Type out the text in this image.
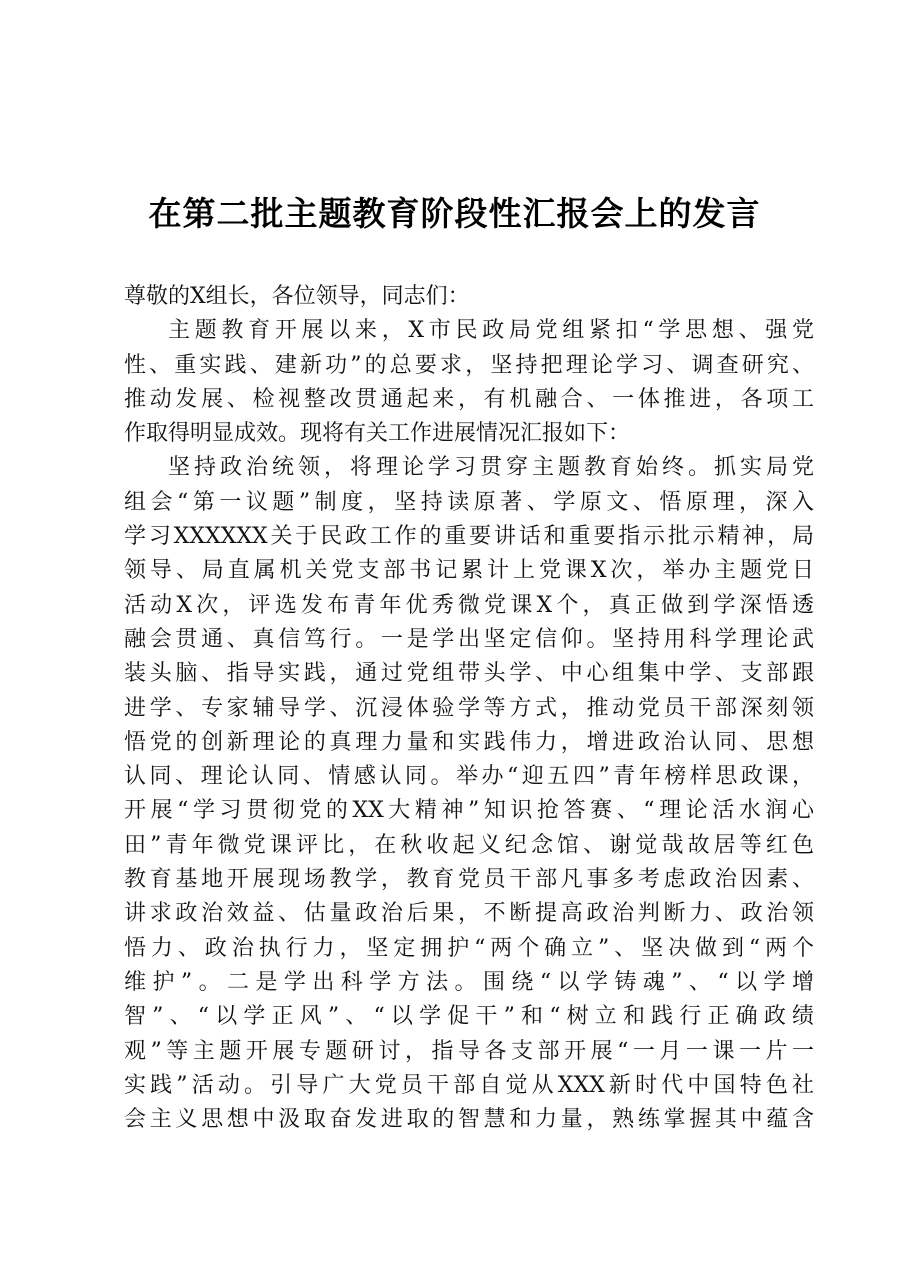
在第二批主题教育阶段性汇报会上的发言
尊敬的X组长，各位领导，同志们：
主题教育开展以来，X市民政局党组紧扣“学思想、强党
性、重实践、建新功”的总要求，坚持把理论学习、调查研究、
推动发展、检视整改贯通起来，有机融合、一体推进，各项工
作取得明显成效。现将有关工作进展情况汇报如下：
坚持政治统领，将理论学习贯穿主题教育始终。抓实局党
组会“第一议题”制度，坚持读原著、学原文、悟原理，深入
学习XXXXXX关于民政工作的重要讲话和重要指示批示精神，局
领导、局直属机关党支部书记累计上党课X次，举办主题党日
活动X次，评选发布青年优秀微党课X个，真正做到学深悟透
融会贯通、真信笃行。一是学出坚定信仰。坚持用科学理论武
装头脑、指导实践，通过党组带头学、中心组集中学、支部跟
进学、专家辅导学、沉浸体验学等方式，推动党员干部深刻领
悟党的创新理论的真理力量和实践伟力，增进政治认同、思想
认同、理论认同、情感认同。举办“迎五四”青年榜样思政课，
开展“学习贯彻党的XX大精神”知识抢答赛、“理论活水润心
田”青年微党课评比，在秋收起义纪念馆、谢觉哉故居等红色
教育基地开展现场教学，教育党员干部凡事多考虑政治因素、
讲求政治效益、估量政治后果，不断提高政治判断力、政治领
悟力、政治执行力，坚定拥护“两个确立”、坚决做到“两个
维护”。二是学出科学方法。围绕“以学铸魂”、“以学增
智”、“以学正风”、“以学促干”和“树立和践行正确政绩
观”等主题开展专题研讨，指导各支部开展“一月一课一片一
实践”活动。引导广大党员干部自觉从XXX新时代中国特色社
会主义思想中汲取奋发进取的智慧和力量，熟练掌握其中蕴含
